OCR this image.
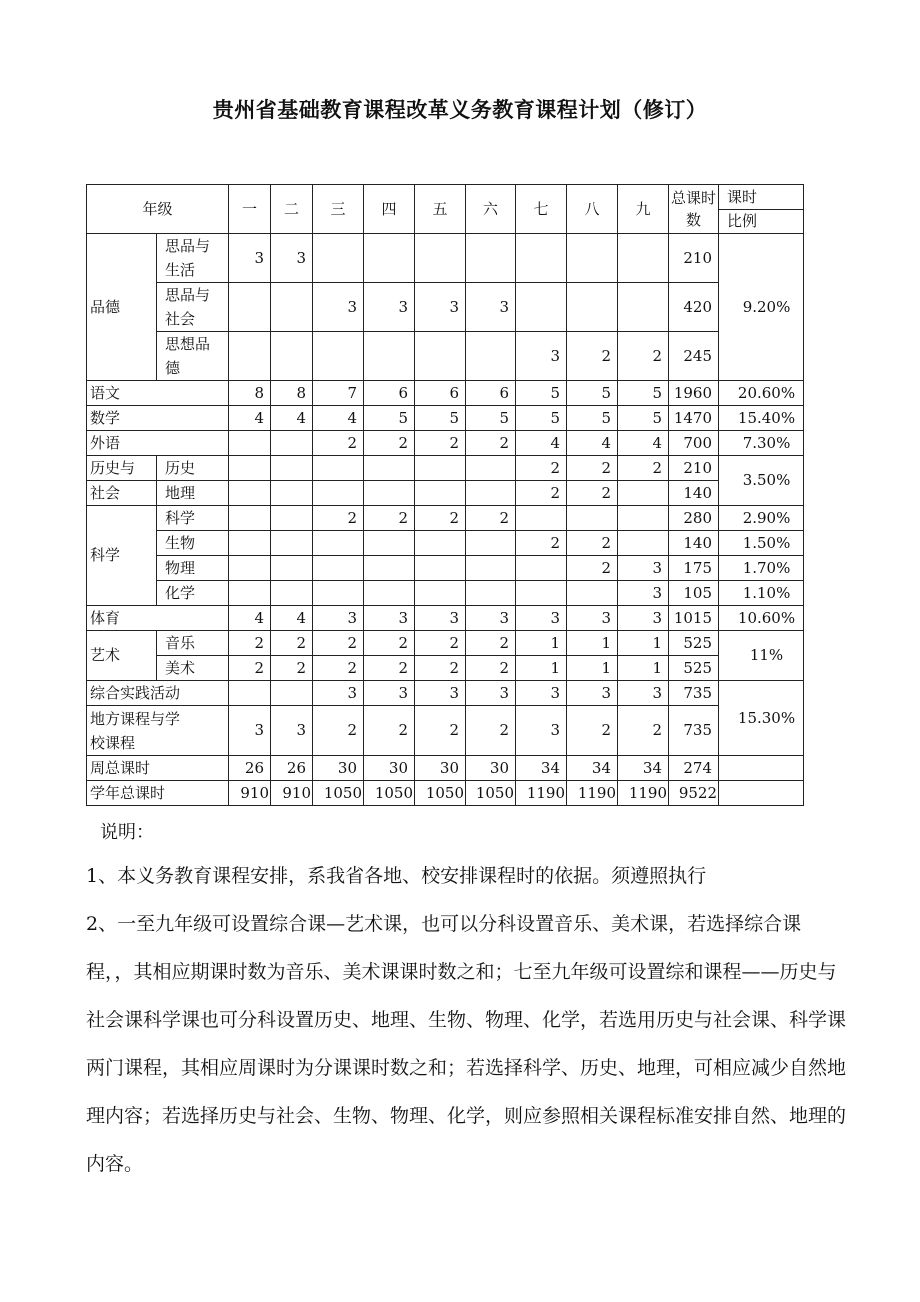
贵州省基础教育课程改革义务教育课程计划（修订）
年级		一	二	三	四	五	六	七	八	九	总课时数	课时
												比例
品德	思品与生活	3	3								210	9.20%
	思品与社会			3	3	3	3				420	
	思想品德							3	2	2	245	
语文		8	8	7	6	6	6	5	5	5	1960	20.60%
数学		4	4	4	5	5	5	5	5	5	1470	15.40%
外语				2	2	2	2	4	4	4	700	7.30%
历史与	历史							2	2	2	210	3.50%
社会	地理							2	2		140	
科学	科学			2	2	2	2				280	2.90%
	生物							2	2		140	1.50%
	物理								2	3	175	1.70%
	化学									3	105	1.10%
体育		4	4	3	3	3	3	3	3	3	1015	10.60%
艺术	音乐	2	2	2	2	2	2	1	1	1	525	11%
	美术	2	2	2	2	2	2	1	1	1	525	
综合实践活动				3	3	3	3	3	3	3	735	15.30%
地方课程与学校课程		3	3	2	2	2	2	3	2	2	735	
周总课时		26	26	30	30	30	30	34	34	34	274	
学年总课时		910	910	1050	1050	1050	1050	1190	1190	1190	9522	
说明：

1、本义务教育课程安排，系我省各地、校安排课程时的依据。须遵照执行

2、一至九年级可设置综合课—艺术课，也可以分科设置音乐、美术课，若选择综合课程，，其相应期课时数为音乐、美术课课时数之和；七至九年级可设置综和课程——历史与社会课科学课也可分科设置历史、地理、生物、物理、化学，若选用历史与社会课、科学课两门课程，其相应周课时为分课课时数之和；若选择科学、历史、地理，可相应减少自然地理内容；若选择历史与社会、生物、物理、化学，则应参照相关课程标准安排自然、地理的内容。
